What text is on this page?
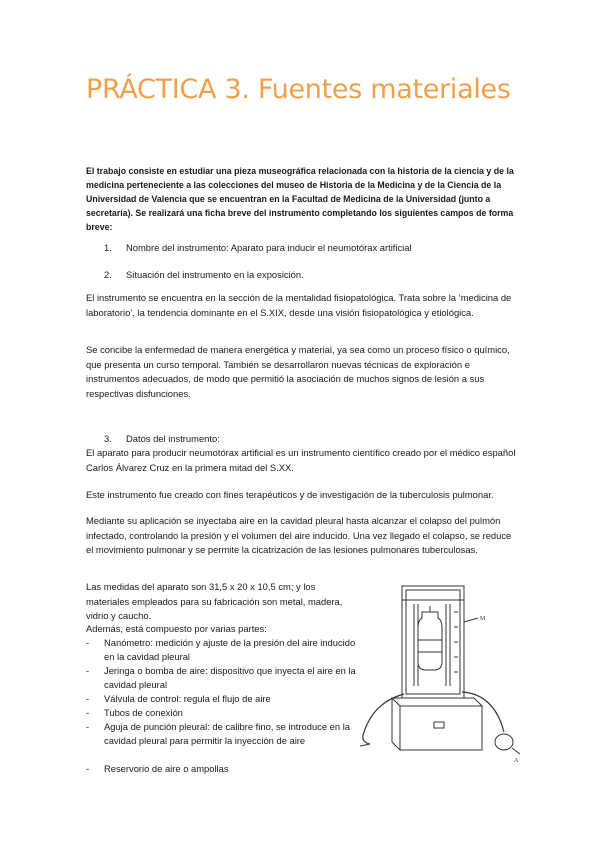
PRÁCTICA 3. Fuentes materiales

El trabajo consiste en estudiar una pieza museográfica relacionada con la historia de la ciencia y de la medicina perteneciente a las colecciones del museo de Historia de la Medicina y de la Ciencia de la Universidad de Valencia que se encuentran en la Facultad de Medicina de la Universidad (junto a secretaría). Se realizará una ficha breve del instrumento completando los siguientes campos de forma breve:

1. Nombre del instrumento: Aparato para inducir el neumotórax artificial
2. Situación del instrumento en la exposición.

El instrumento se encuentra en la sección de la mentalidad fisiopatológica. Trata sobre la ‘medicina de laboratorio’, la tendencia dominante en el S.XIX, desde una visión fisiopatológica y etiológica.

Se concibe la enfermedad de manera energética y material, ya sea como un proceso físico o químico, que presenta un curso temporal. También se desarrollaron nuevas técnicas de exploración e instrumentos adecuados, de modo que permitió la asociación de muchos signos de lesión a sus respectivas disfunciones.

3. Datos del instrumento:

El aparato para producir neumotórax artificial es un instrumento científico creado por el médico español Carlos Álvarez Cruz en la primera mitad del S.XX.

Este instrumento fue creado con fines terapéuticos y de investigación de la tuberculosis pulmonar.

Mediante su aplicación se inyectaba aire en la cavidad pleural hasta alcanzar el colapso del pulmón infectado, controlando la presión y el volumen del aire inducido. Una vez llegado el colapso, se reduce el movimiento pulmonar y se permite la cicatrización de las lesiones pulmonares tuberculosas.

Las medidas del aparato son 31,5 x 20 x 10,5 cm; y los materiales empleados para su fabricación son metal, madera, vidrio y caucho.

Además, está compuesto por varias partes:

- Nanómetro: medición y ajuste de la presión del aire inducido en la cavidad pleural
- Jeringa o bomba de aire: dispositivo que inyecta el aire en la cavidad pleural
- Válvula de control: regula el flujo de aire
- Tubos de conexión
- Aguja de punción pleural: de calibre fino, se introduce en la cavidad pleural para permitir la inyección de aire
- Reservorio de aire o ampollas
M
A
